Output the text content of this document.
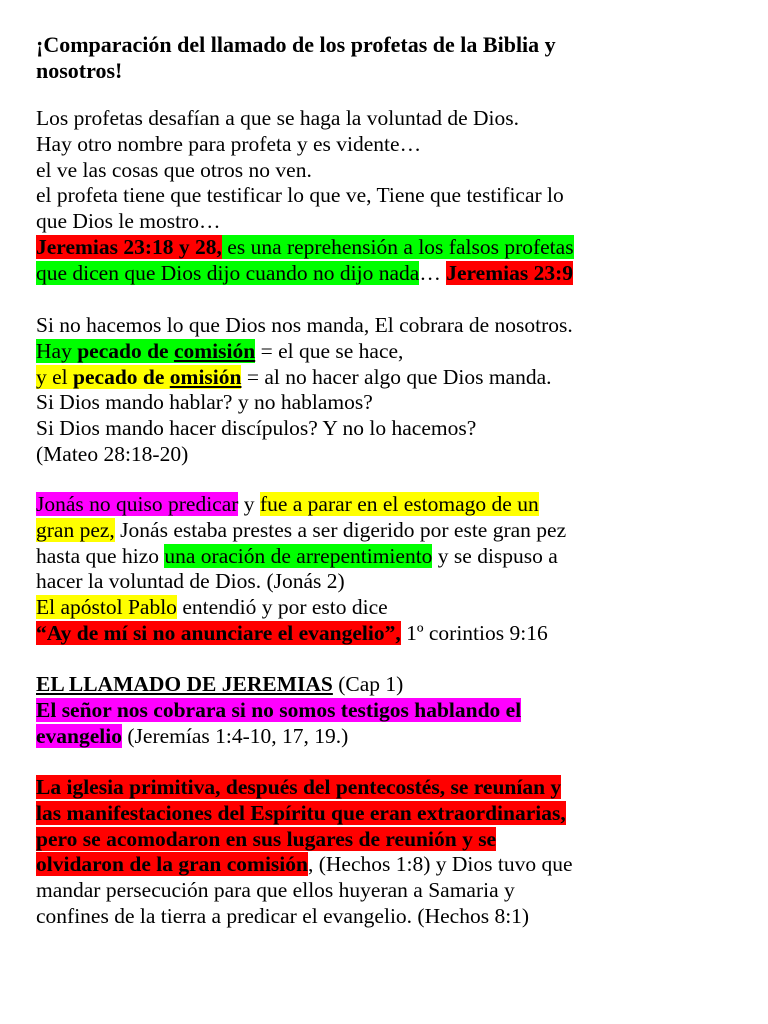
¡Comparación del llamado de los profetas de la Biblia y
nosotros!
Los profetas desafían a que se haga la voluntad de Dios.
Hay otro nombre para profeta y es vidente…
el ve las cosas que otros no ven.
el profeta tiene que testificar lo que ve, Tiene que testificar lo
que Dios le mostro…
Jeremias 23:18 y 28, es una reprehensión a los falsos profetas
que dicen que Dios dijo cuando no dijo nada… Jeremias 23:9
Si no hacemos lo que Dios nos manda, El cobrara de nosotros.
Hay pecado de comisión = el que se hace,
y el pecado de omisión = al no hacer algo que Dios manda.
Si Dios mando hablar? y no hablamos?
Si Dios mando hacer discípulos? Y no lo hacemos?
(Mateo 28:18-20)
Jonás no quiso predicar y fue a parar en el estomago de un
gran pez, Jonás estaba prestes a ser digerido por este gran pez
hasta que hizo una oración de arrepentimiento y se dispuso a
hacer la voluntad de Dios. (Jonás 2)
El apóstol Pablo entendió y por esto dice
“Ay de mí si no anunciare el evangelio”, 1º corintios 9:16
EL LLAMADO DE JEREMIAS (Cap 1)
El señor nos cobrara si no somos testigos hablando el
evangelio (Jeremías 1:4-10, 17, 19.)
La iglesia primitiva, después del pentecostés, se reunían y
las manifestaciones del Espíritu que eran extraordinarias,
pero se acomodaron en sus lugares de reunión y se
olvidaron de la gran comisión, (Hechos 1:8) y Dios tuvo que
mandar persecución para que ellos huyeran a Samaria y
confines de la tierra a predicar el evangelio. (Hechos 8:1)
